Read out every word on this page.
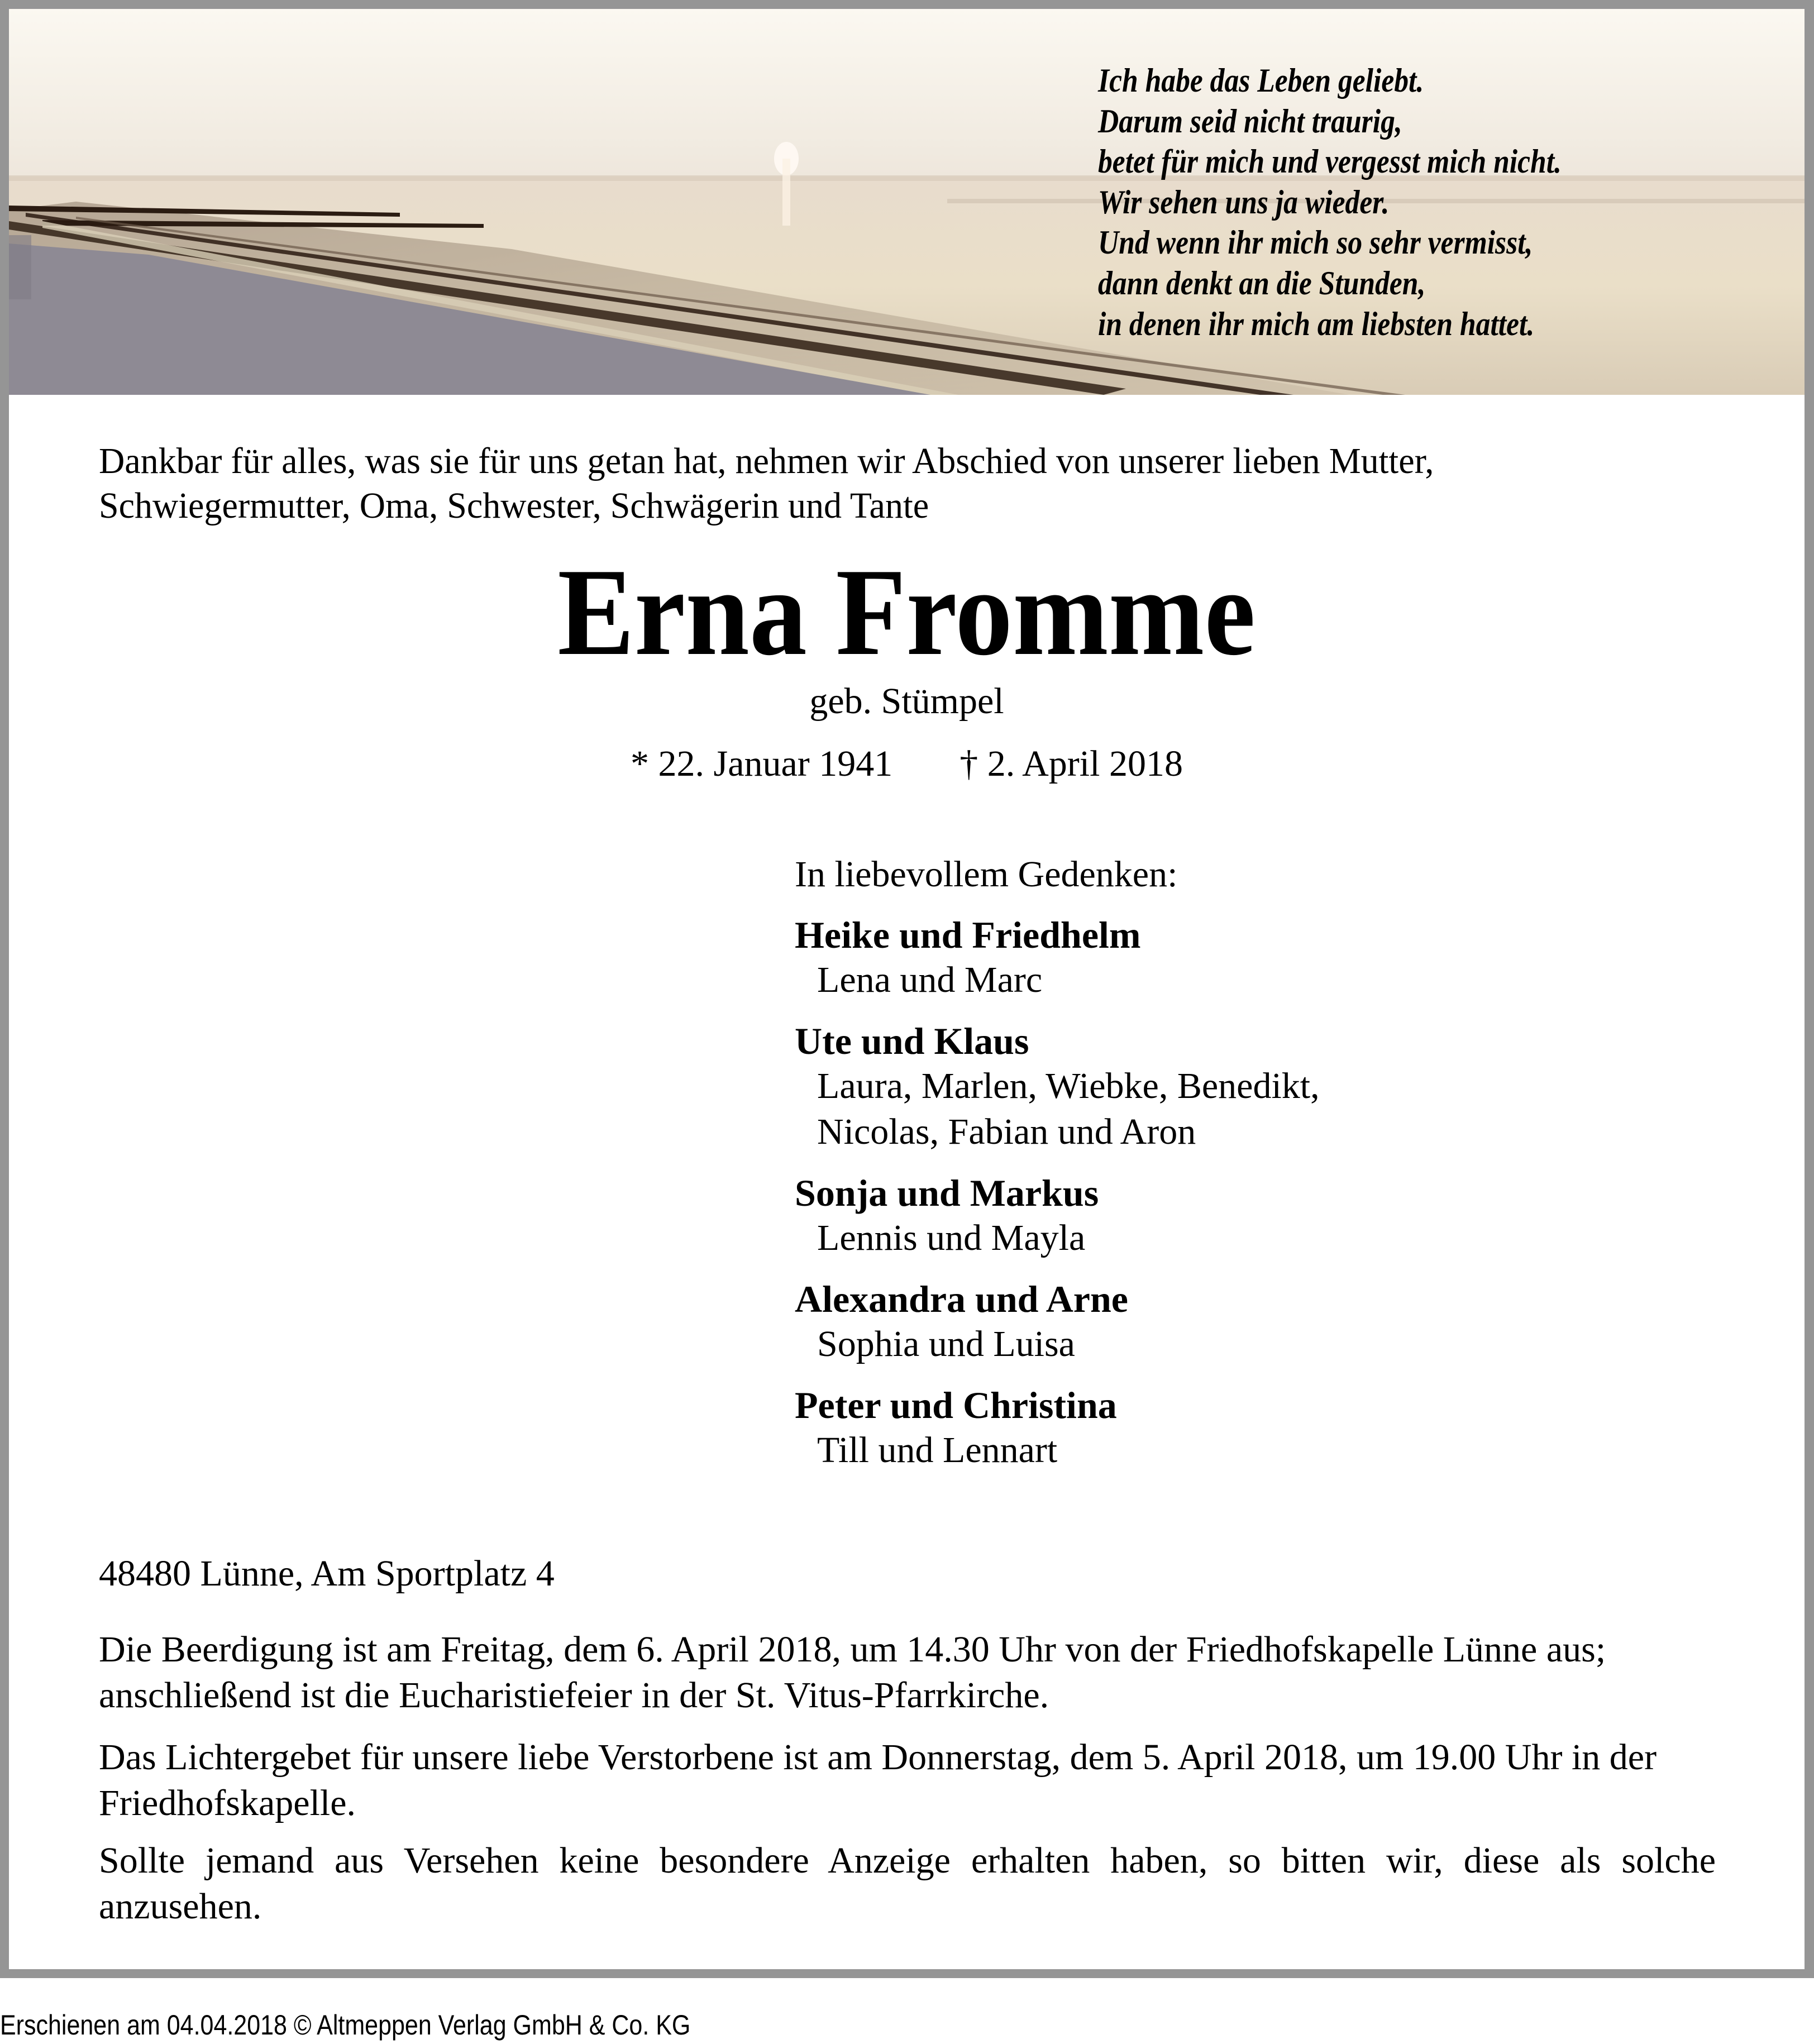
Ich habe das Leben geliebt.
Darum seid nicht traurig,
betet für mich und vergesst mich nicht.
Wir sehen uns ja wieder.
Und wenn ihr mich so sehr vermisst,
dann denkt an die Stunden,
in denen ihr mich am liebsten hattet.
Dankbar für alles, was sie für uns getan hat, nehmen wir Abschied von unserer lieben Mutter,
Schwiegermutter, Oma, Schwester, Schwägerin und Tante
Erna Fromme
geb. Stümpel
* 22. Januar 1941 † 2. April 2018
In liebevollem Gedenken:
Heike und Friedhelm
Lena und Marc
Ute und Klaus
Laura, Marlen, Wiebke, Benedikt,
Nicolas, Fabian und Aron
Sonja und Markus
Lennis und Mayla
Alexandra und Arne
Sophia und Luisa
Peter und Christina
Till und Lennart
48480 Lünne, Am Sportplatz 4
Die Beerdigung ist am Freitag, dem 6. April 2018, um 14.30 Uhr von der Friedhofskapelle Lünne aus; anschließend ist die Eucharistiefeier in der St. Vitus-Pfarrkirche.
Das Lichtergebet für unsere liebe Verstorbene ist am Donnerstag, dem 5. April 2018, um 19.00 Uhr in der Friedhofskapelle.
Sollte jemand aus Versehen keine besondere Anzeige erhalten haben, so bitten wir, diese als solche anzusehen.
Erschienen am 04.04.2018 © Altmeppen Verlag GmbH & Co. KG
